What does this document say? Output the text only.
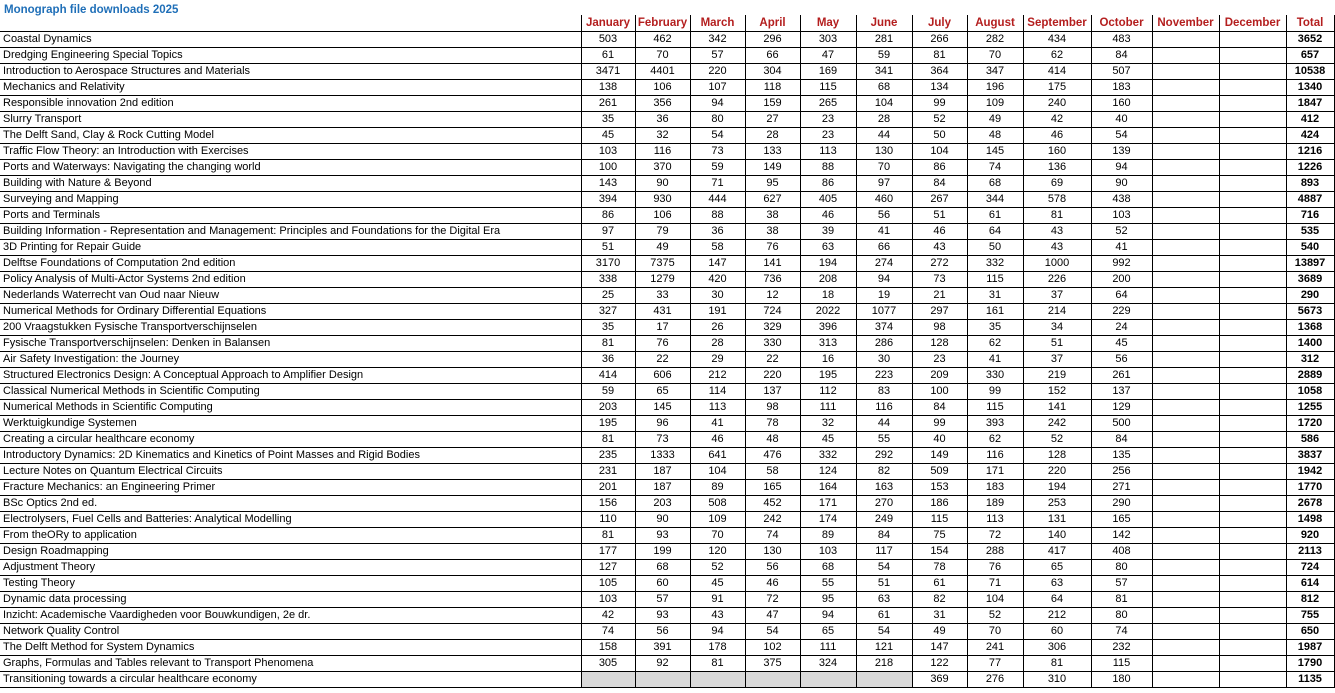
Monograph file downloads 2025
	January	February	March	April	May	June	July	August	September	October	November	December	Total
Coastal Dynamics	503	462	342	296	303	281	266	282	434	483			3652
Dredging Engineering Special Topics	61	70	57	66	47	59	81	70	62	84			657
Introduction to Aerospace Structures and Materials	3471	4401	220	304	169	341	364	347	414	507			10538
Mechanics and Relativity	138	106	107	118	115	68	134	196	175	183			1340
Responsible innovation 2nd edition	261	356	94	159	265	104	99	109	240	160			1847
Slurry Transport	35	36	80	27	23	28	52	49	42	40			412
The Delft Sand, Clay & Rock Cutting Model	45	32	54	28	23	44	50	48	46	54			424
Traffic Flow Theory: an Introduction with Exercises	103	116	73	133	113	130	104	145	160	139			1216
Ports and Waterways: Navigating the changing world	100	370	59	149	88	70	86	74	136	94			1226
Building with Nature & Beyond	143	90	71	95	86	97	84	68	69	90			893
Surveying and Mapping	394	930	444	627	405	460	267	344	578	438			4887
Ports and Terminals	86	106	88	38	46	56	51	61	81	103			716
Building Information - Representation and Management: Principles and Foundations for the Digital Era	97	79	36	38	39	41	46	64	43	52			535
3D Printing for Repair Guide	51	49	58	76	63	66	43	50	43	41			540
Delftse Foundations of Computation 2nd edition	3170	7375	147	141	194	274	272	332	1000	992			13897
Policy Analysis of Multi-Actor Systems 2nd edition	338	1279	420	736	208	94	73	115	226	200			3689
Nederlands Waterrecht van Oud naar Nieuw	25	33	30	12	18	19	21	31	37	64			290
Numerical Methods for Ordinary Differential Equations	327	431	191	724	2022	1077	297	161	214	229			5673
200 Vraagstukken Fysische Transportverschijnselen	35	17	26	329	396	374	98	35	34	24			1368
Fysische Transportverschijnselen: Denken in Balansen	81	76	28	330	313	286	128	62	51	45			1400
Air Safety Investigation: the Journey	36	22	29	22	16	30	23	41	37	56			312
Structured Electronics Design: A Conceptual Approach to Amplifier Design	414	606	212	220	195	223	209	330	219	261			2889
Classical Numerical Methods in Scientific Computing	59	65	114	137	112	83	100	99	152	137			1058
Numerical Methods in Scientific Computing	203	145	113	98	111	116	84	115	141	129			1255
Werktuigkundige Systemen	195	96	41	78	32	44	99	393	242	500			1720
Creating a circular healthcare economy	81	73	46	48	45	55	40	62	52	84			586
Introductory Dynamics: 2D Kinematics and Kinetics of Point Masses and Rigid Bodies	235	1333	641	476	332	292	149	116	128	135			3837
Lecture Notes on Quantum Electrical Circuits	231	187	104	58	124	82	509	171	220	256			1942
Fracture Mechanics: an Engineering Primer	201	187	89	165	164	163	153	183	194	271			1770
BSc Optics 2nd ed.	156	203	508	452	171	270	186	189	253	290			2678
Electrolysers, Fuel Cells and Batteries: Analytical Modelling	110	90	109	242	174	249	115	113	131	165			1498
From theORy to application	81	93	70	74	89	84	75	72	140	142			920
Design Roadmapping	177	199	120	130	103	117	154	288	417	408			2113
Adjustment Theory	127	68	52	56	68	54	78	76	65	80			724
Testing Theory	105	60	45	46	55	51	61	71	63	57			614
Dynamic data processing	103	57	91	72	95	63	82	104	64	81			812
Inzicht: Academische Vaardigheden voor Bouwkundigen, 2e dr.	42	93	43	47	94	61	31	52	212	80			755
Network Quality Control	74	56	94	54	65	54	49	70	60	74			650
The Delft Method for System Dynamics	158	391	178	102	111	121	147	241	306	232			1987
Graphs, Formulas and Tables relevant to Transport Phenomena	305	92	81	375	324	218	122	77	81	115			1790
Transitioning towards a circular healthcare economy							369	276	310	180			1135
